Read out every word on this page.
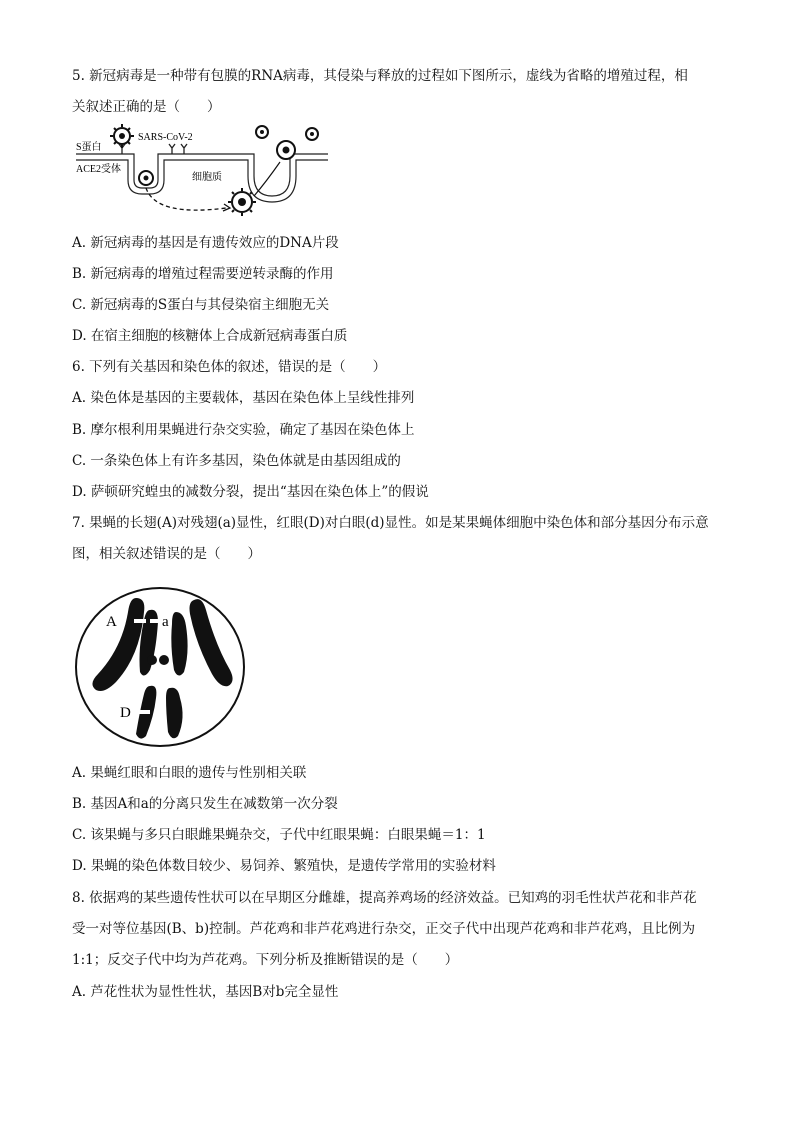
5. 新冠病毒是一种带有包膜的RNA病毒，其侵染与释放的过程如下图所示，虚线为省略的增殖过程，相
关叙述正确的是（　　）
SARS-CoV-2
S蛋白
ACE2受体
细胞质
A. 新冠病毒的基因是有遗传效应的DNA片段
B. 新冠病毒的增殖过程需要逆转录酶的作用
C. 新冠病毒的S蛋白与其侵染宿主细胞无关
D. 在宿主细胞的核糖体上合成新冠病毒蛋白质
6. 下列有关基因和染色体的叙述，错误的是（　　）
A. 染色体是基因的主要载体，基因在染色体上呈线性排列
B. 摩尔根利用果蝇进行杂交实验，确定了基因在染色体上
C. 一条染色体上有许多基因，染色体就是由基因组成的
D. 萨顿研究蝗虫的减数分裂，提出“基因在染色体上”的假说
7. 果蝇的长翅(A)对残翅(a)显性，红眼(D)对白眼(d)显性。如是某果蝇体细胞中染色体和部分基因分布示意
图，相关叙述错误的是（　　）
A	a
D
A. 果蝇红眼和白眼的遗传与性别相关联
B. 基因A和a的分离只发生在减数第一次分裂
C. 该果蝇与多只白眼雌果蝇杂交，子代中红眼果蝇：白眼果蝇＝1：1
D. 果蝇的染色体数目较少、易饲养、繁殖快，是遗传学常用的实验材料
8. 依据鸡的某些遗传性状可以在早期区分雌雄，提高养鸡场的经济效益。已知鸡的羽毛性状芦花和非芦花
受一对等位基因(B、b)控制。芦花鸡和非芦花鸡进行杂交，正交子代中出现芦花鸡和非芦花鸡，且比例为
1:1；反交子代中均为芦花鸡。下列分析及推断错误的是（　　）
A. 芦花性状为显性性状，基因B对b完全显性
